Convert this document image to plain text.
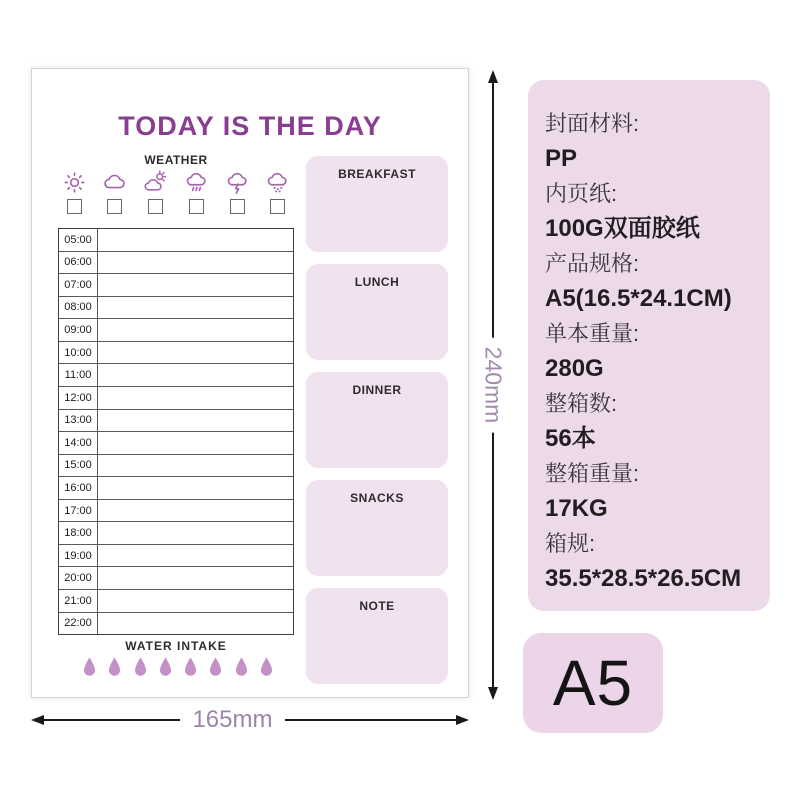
TODAY IS THE DAY
WEATHER
05:00
06:00
07:00
08:00
09:00
10:00
11:00
12:00
13:00
14:00
15:00
16:00
17:00
18:00
19:00
20:00
21:00
22:00
WATER INTAKE
BREAKFAST
LUNCH
DINNER
SNACKS
NOTE
240mm
165mm
封面材料:
PP
内页纸:
100G双面胶纸
产品规格:
A5(16.5*24.1CM)
单本重量:
280G
整箱数:
56本
整箱重量:
17KG
箱规:
35.5*28.5*26.5CM
A5
